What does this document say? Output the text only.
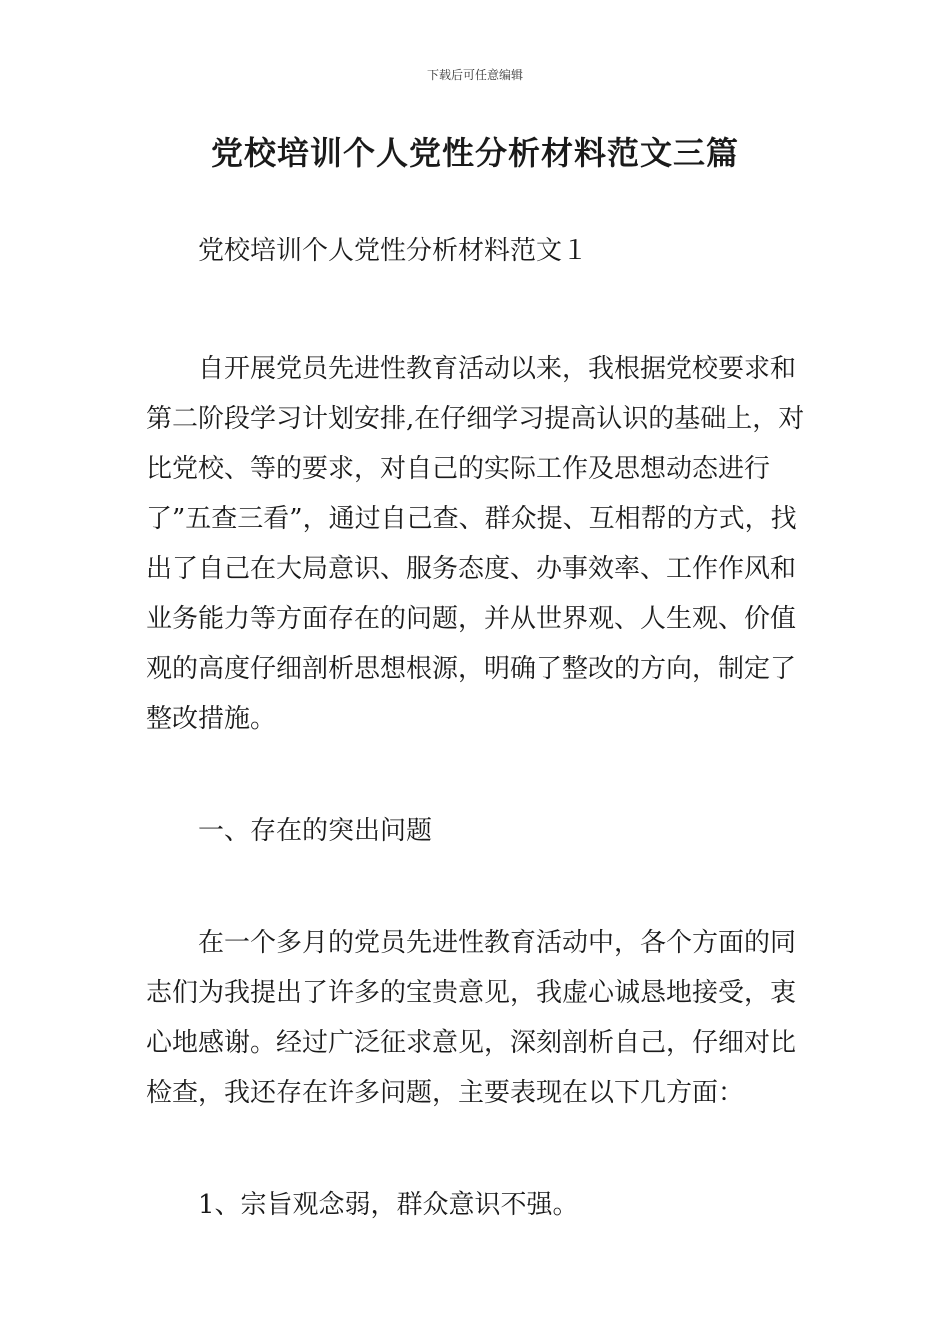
下载后可任意编辑
党校培训个人党性分析材料范文三篇

党校培训个人党性分析材料范文１

自开展党员先进性教育活动以来，我根据党校要求和第二阶段学习计划安排,在仔细学习提高认识的基础上，对比党校、等的要求，对自己的实际工作及思想动态进行了”五查三看”，通过自己查、群众提、互相帮的方式，找出了自己在大局意识、服务态度、办事效率、工作作风和业务能力等方面存在的问题，并从世界观、人生观、价值观的高度仔细剖析思想根源，明确了整改的方向，制定了整改措施。

一、存在的突出问题

在一个多月的党员先进性教育活动中，各个方面的同志们为我提出了许多的宝贵意见，我虚心诚恳地接受，衷心地感谢。经过广泛征求意见，深刻剖析自己，仔细对比检查，我还存在许多问题，主要表现在以下几方面：

1、宗旨观念弱，群众意识不强。
